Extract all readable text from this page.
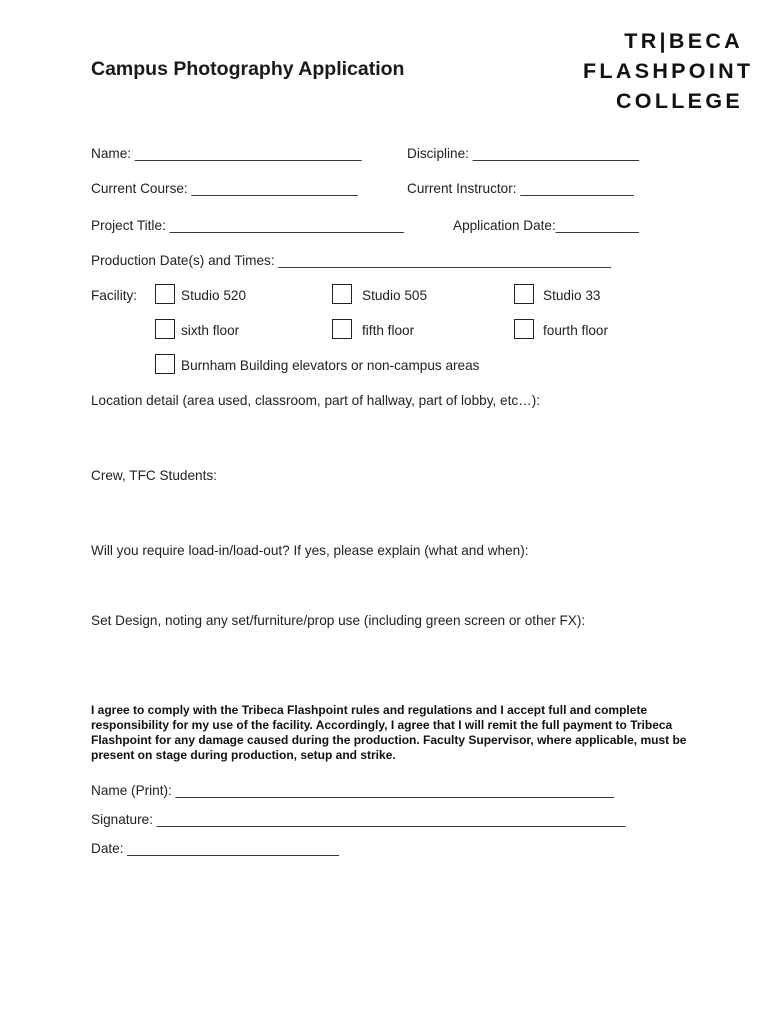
Campus Photography Application
TR|BECA
FLASHPOINT
COLLEGE
Name: ______________________________	Discipline: ______________________
Current Course: ______________________	Current Instructor: _______________
Project Title: _______________________________	Application Date:___________
Production Date(s) and Times: ____________________________________________
Facility:	Studio 520	Studio 505	Studio 33
sixth floor	fifth floor	fourth floor
Burnham Building elevators or non-campus areas
Location detail (area used, classroom, part of hallway, part of lobby, etc…):
Crew, TFC Students:
Will you require load-in/load-out? If yes, please explain (what and when):
Set Design, noting any set/furniture/prop use (including green screen or other FX):
I agree to comply with the Tribeca Flashpoint rules and regulations and I accept full and complete responsibility for my use of the facility. Accordingly, I agree that I will remit the full payment to Tribeca Flashpoint for any damage caused during the production. Faculty Supervisor, where applicable, must be present on stage during production, setup and strike.
Name (Print): __________________________________________________________
Signature: ______________________________________________________________
Date: ____________________________
